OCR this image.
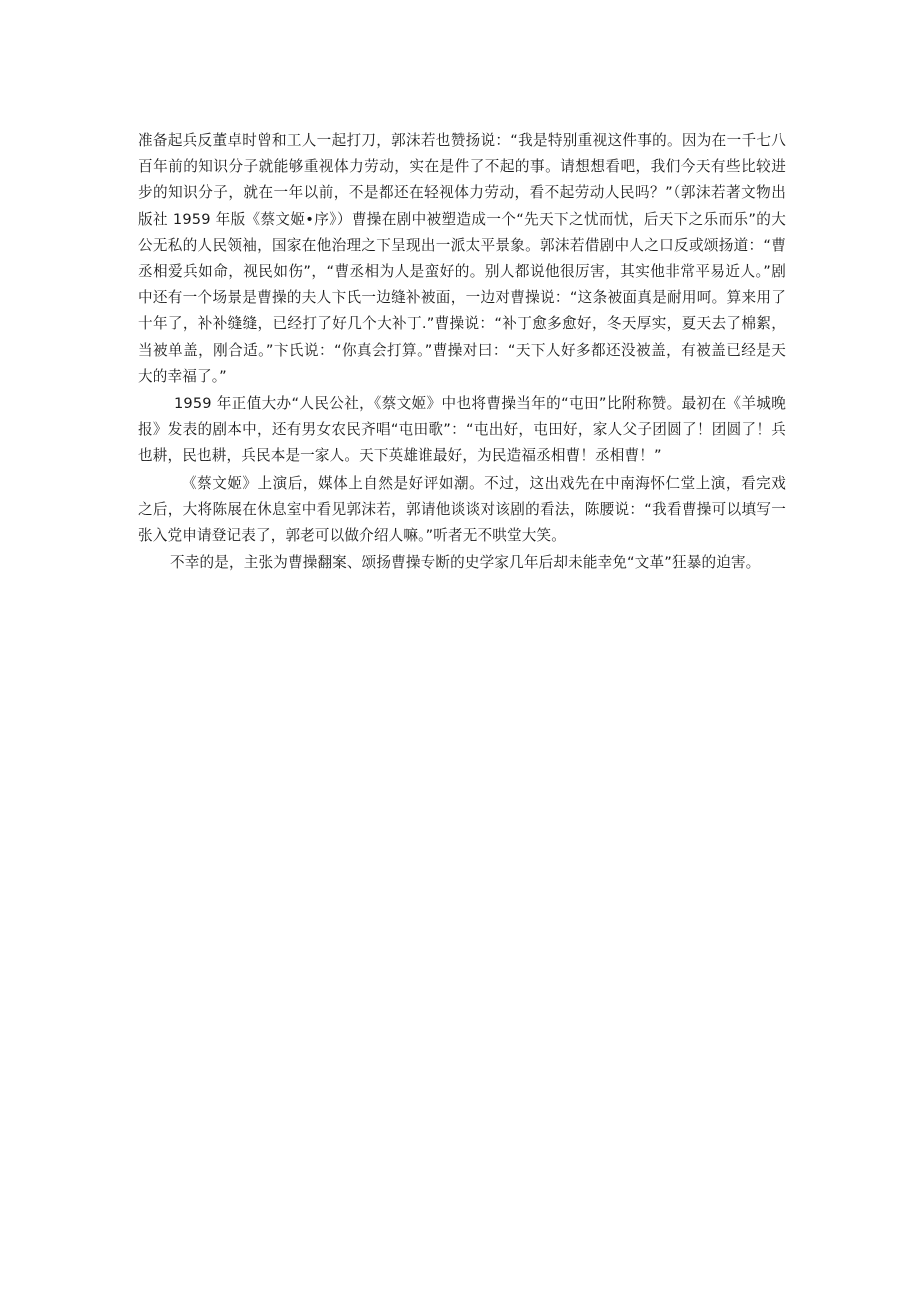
准备起兵反董卓时曾和工人一起打刀，郭沫若也赞扬说：“我是特别重视这件事的。因为在一千七八百年前的知识分子就能够重视体力劳动，实在是件了不起的事。请想想看吧，我们今天有些比较进步的知识分子，就在一年以前，不是都还在轻视体力劳动，看不起劳动人民吗？”（郭沫若著文物出版社 1959 年版《蔡文姬•序》）曹操在剧中被塑造成一个“先天下之忧而忧，后天下之乐而乐”的大公无私的人民领袖，国家在他治理之下呈现出一派太平景象。郭沫若借剧中人之口反或颂扬道：“曹丞相爱兵如命，视民如伤”，“曹丞相为人是蛮好的。别人都说他很厉害，其实他非常平易近人。”剧中还有一个场景是曹操的夫人卞氏一边缝补被面，一边对曹操说：“这条被面真是耐用呵。算来用了十年了，补补缝缝，已经打了好几个大补丁.”曹操说：“补丁愈多愈好，冬天厚实，夏天去了棉絮，当被单盖，刚合适。”卞氏说：“你真会打算。”曹操对曰：“天下人好多都还没被盖，有被盖已经是天大的幸福了。”

1959 年正值大办“人民公社，《蔡文姬》中也将曹操当年的“屯田”比附称赞。最初在《羊城晚报》发表的剧本中，还有男女农民齐唱“屯田歌”：“屯出好，屯田好，家人父子团圆了！团圆了！兵也耕，民也耕，兵民本是一家人。天下英雄谁最好，为民造福丞相曹！丞相曹！”

《蔡文姬》上演后，媒体上自然是好评如潮。不过，这出戏先在中南海怀仁堂上演，看完戏之后，大将陈展在休息室中看见郭沫若，郭请他谈谈对该剧的看法，陈腰说：“我看曹操可以填写一张入党申请登记表了，郭老可以做介绍人嘛。”听者无不哄堂大笑。

不幸的是，主张为曹操翻案、颂扬曹操专断的史学家几年后却未能幸免“文革”狂暴的迫害。
